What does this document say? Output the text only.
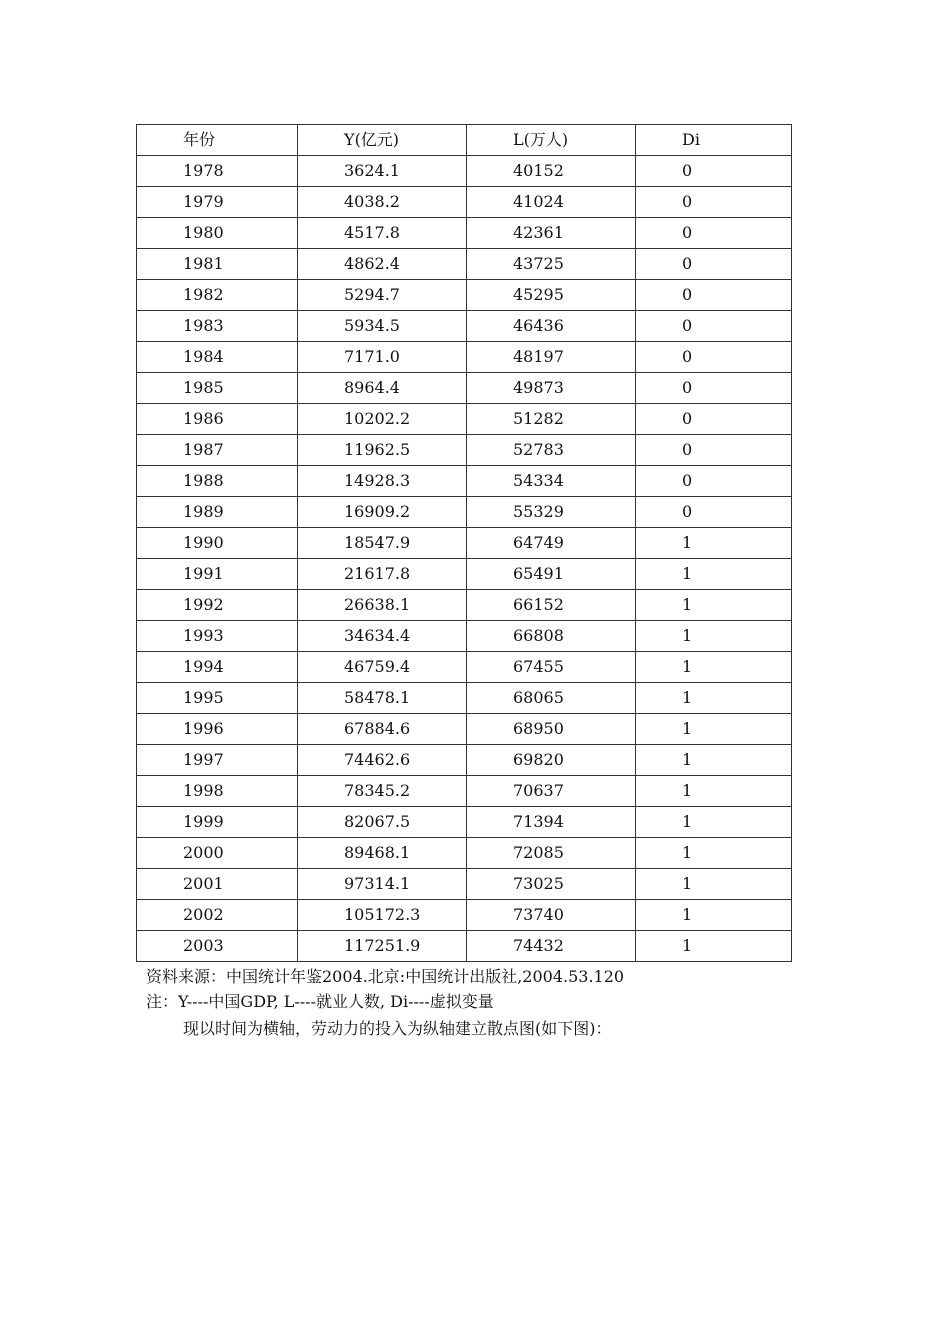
年份	Y(亿元)	L(万人)	Di
1978	3624.1	40152	0
1979	4038.2	41024	0
1980	4517.8	42361	0
1981	4862.4	43725	0
1982	5294.7	45295	0
1983	5934.5	46436	0
1984	7171.0	48197	0
1985	8964.4	49873	0
1986	10202.2	51282	0
1987	11962.5	52783	0
1988	14928.3	54334	0
1989	16909.2	55329	0
1990	18547.9	64749	1
1991	21617.8	65491	1
1992	26638.1	66152	1
1993	34634.4	66808	1
1994	46759.4	67455	1
1995	58478.1	68065	1
1996	67884.6	68950	1
1997	74462.6	69820	1
1998	78345.2	70637	1
1999	82067.5	71394	1
2000	89468.1	72085	1
2001	97314.1	73025	1
2002	105172.3	73740	1
2003	117251.9	74432	1
资料来源：中国统计年鉴2004.北京:中国统计出版社,2004.53.120
注：Y----中国GDP, L----就业人数, Di----虚拟变量
现以时间为横轴，劳动力的投入为纵轴建立散点图(如下图)：
